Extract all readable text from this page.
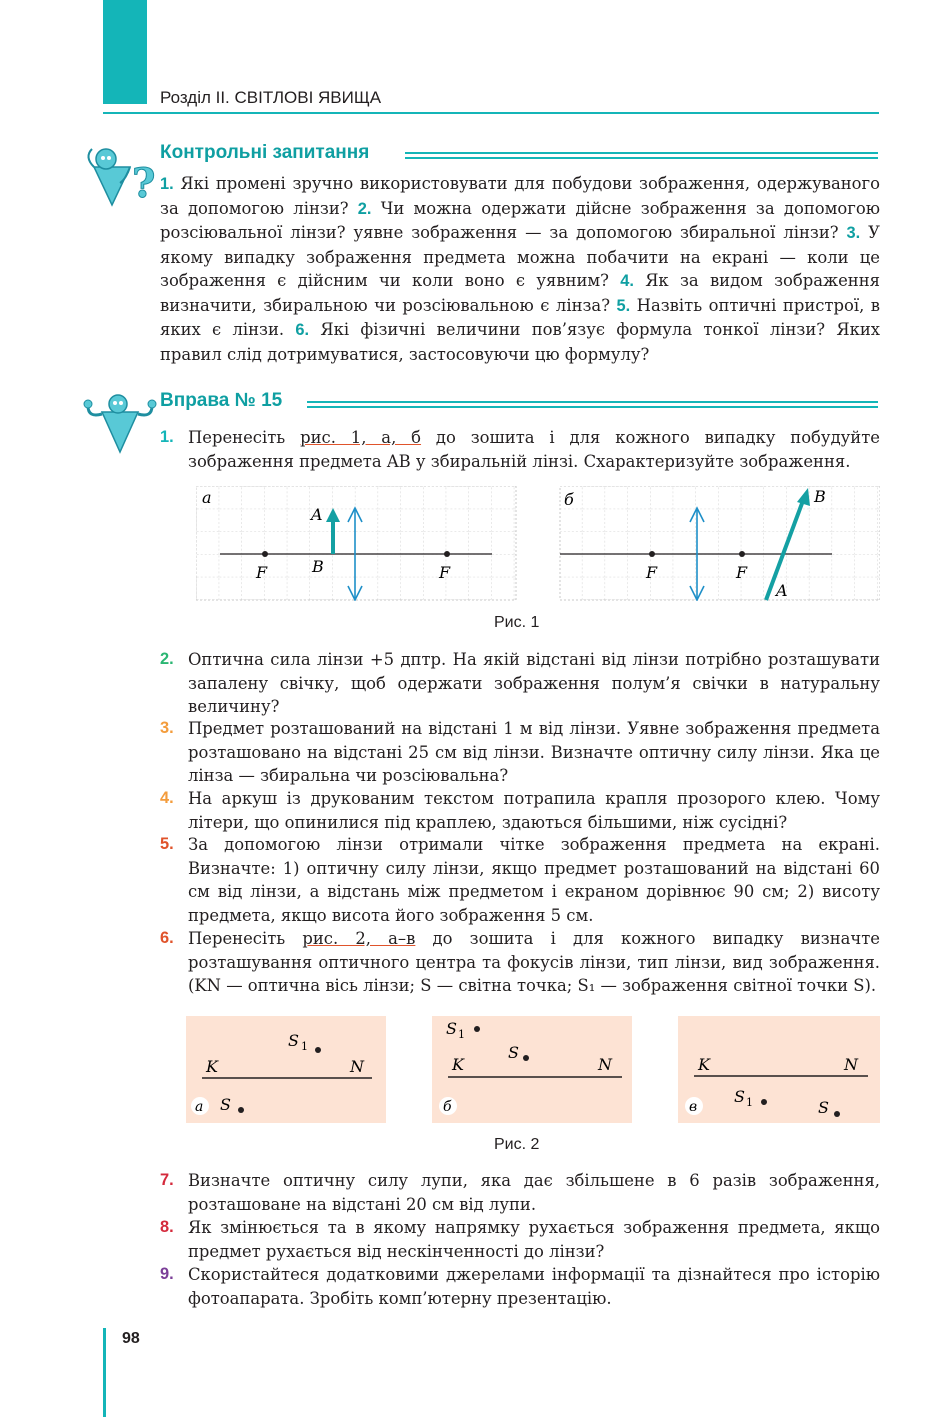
Розділ ІІ. СВІТЛОВІ ЯВИЩА
?
Контрольні запитання
1. Які промені зручно використовувати для побудови зображення, одержуваного за допомогою лінзи? 2. Чи можна одержати дійсне зображення за допомогою розсіювальної лінзи? уявне зображення — за допомогою збиральної лінзи? 3. У якому випадку зображення предмета можна побачити на екрані — коли це зображення є дійсним чи коли воно є уявним? 4. Як за видом зображення визначити, збиральною чи розсіювальною є лінза? 5. Назвіть оптичні пристрої, в яких є лінзи. 6. Які фізичні величини пов’язує формула тонкої лінзи? Яких правил слід дотримуватися, застосовуючи цю формулу?
Вправа № 15
1. Перенесіть рис. 1, а, б до зошита і для кожного випадку побудуйте зображення предмета AB у збиральній лінзі. Схарактеризуйте зображення.
а
A
B
F	F
б	B
A
F	F
Рис. 1
2. Оптична сила лінзи +5 дптр. На якій відстані від лінзи потрібно розташувати запалену свічку, щоб одержати зображення полум’я свічки в натуральну величину?
3. Предмет розташований на відстані 1 м від лінзи. Уявне зображення предмета розташовано на відстані 25 см від лінзи. Визначте оптичну силу лінзи. Яка це лінза — збиральна чи розсіювальна?
4. На аркуш із друкованим текстом потрапила крапля прозорого клею. Чому літери, що опинилися під краплею, здаються більшими, ніж сусідні?
5. За допомогою лінзи отримали чітке зображення предмета на екрані. Визначте: 1) оптичну силу лінзи, якщо предмет розташований на відстані 60 см від лінзи, а відстань між предметом і екраном дорівнює 90 см; 2) висоту предмета, якщо висота його зображення 5 см.
6. Перенесіть рис. 2, а–в до зошита і для кожного випадку визначте розташування оптичного центра та фокусів лінзи, тип лінзи, вид зображення. (KN — оптична вісь лінзи; S — світна точка; S₁ — зображення світної точки S).
K	N
S 1
S
а
K	N
S 1
S
б
K	N
S 1	S
в
Рис. 2
7. Визначте оптичну силу лупи, яка дає збільшене в 6 разів зображення, розташоване на відстані 20 см від лупи.
8. Як змінюється та в якому напрямку рухається зображення предмета, якщо предмет рухається від нескінченності до лінзи?
9. Скористайтеся додатковими джерелами інформації та дізнайтеся про історію фотоапарата. Зробіть комп’ютерну презентацію.
98
